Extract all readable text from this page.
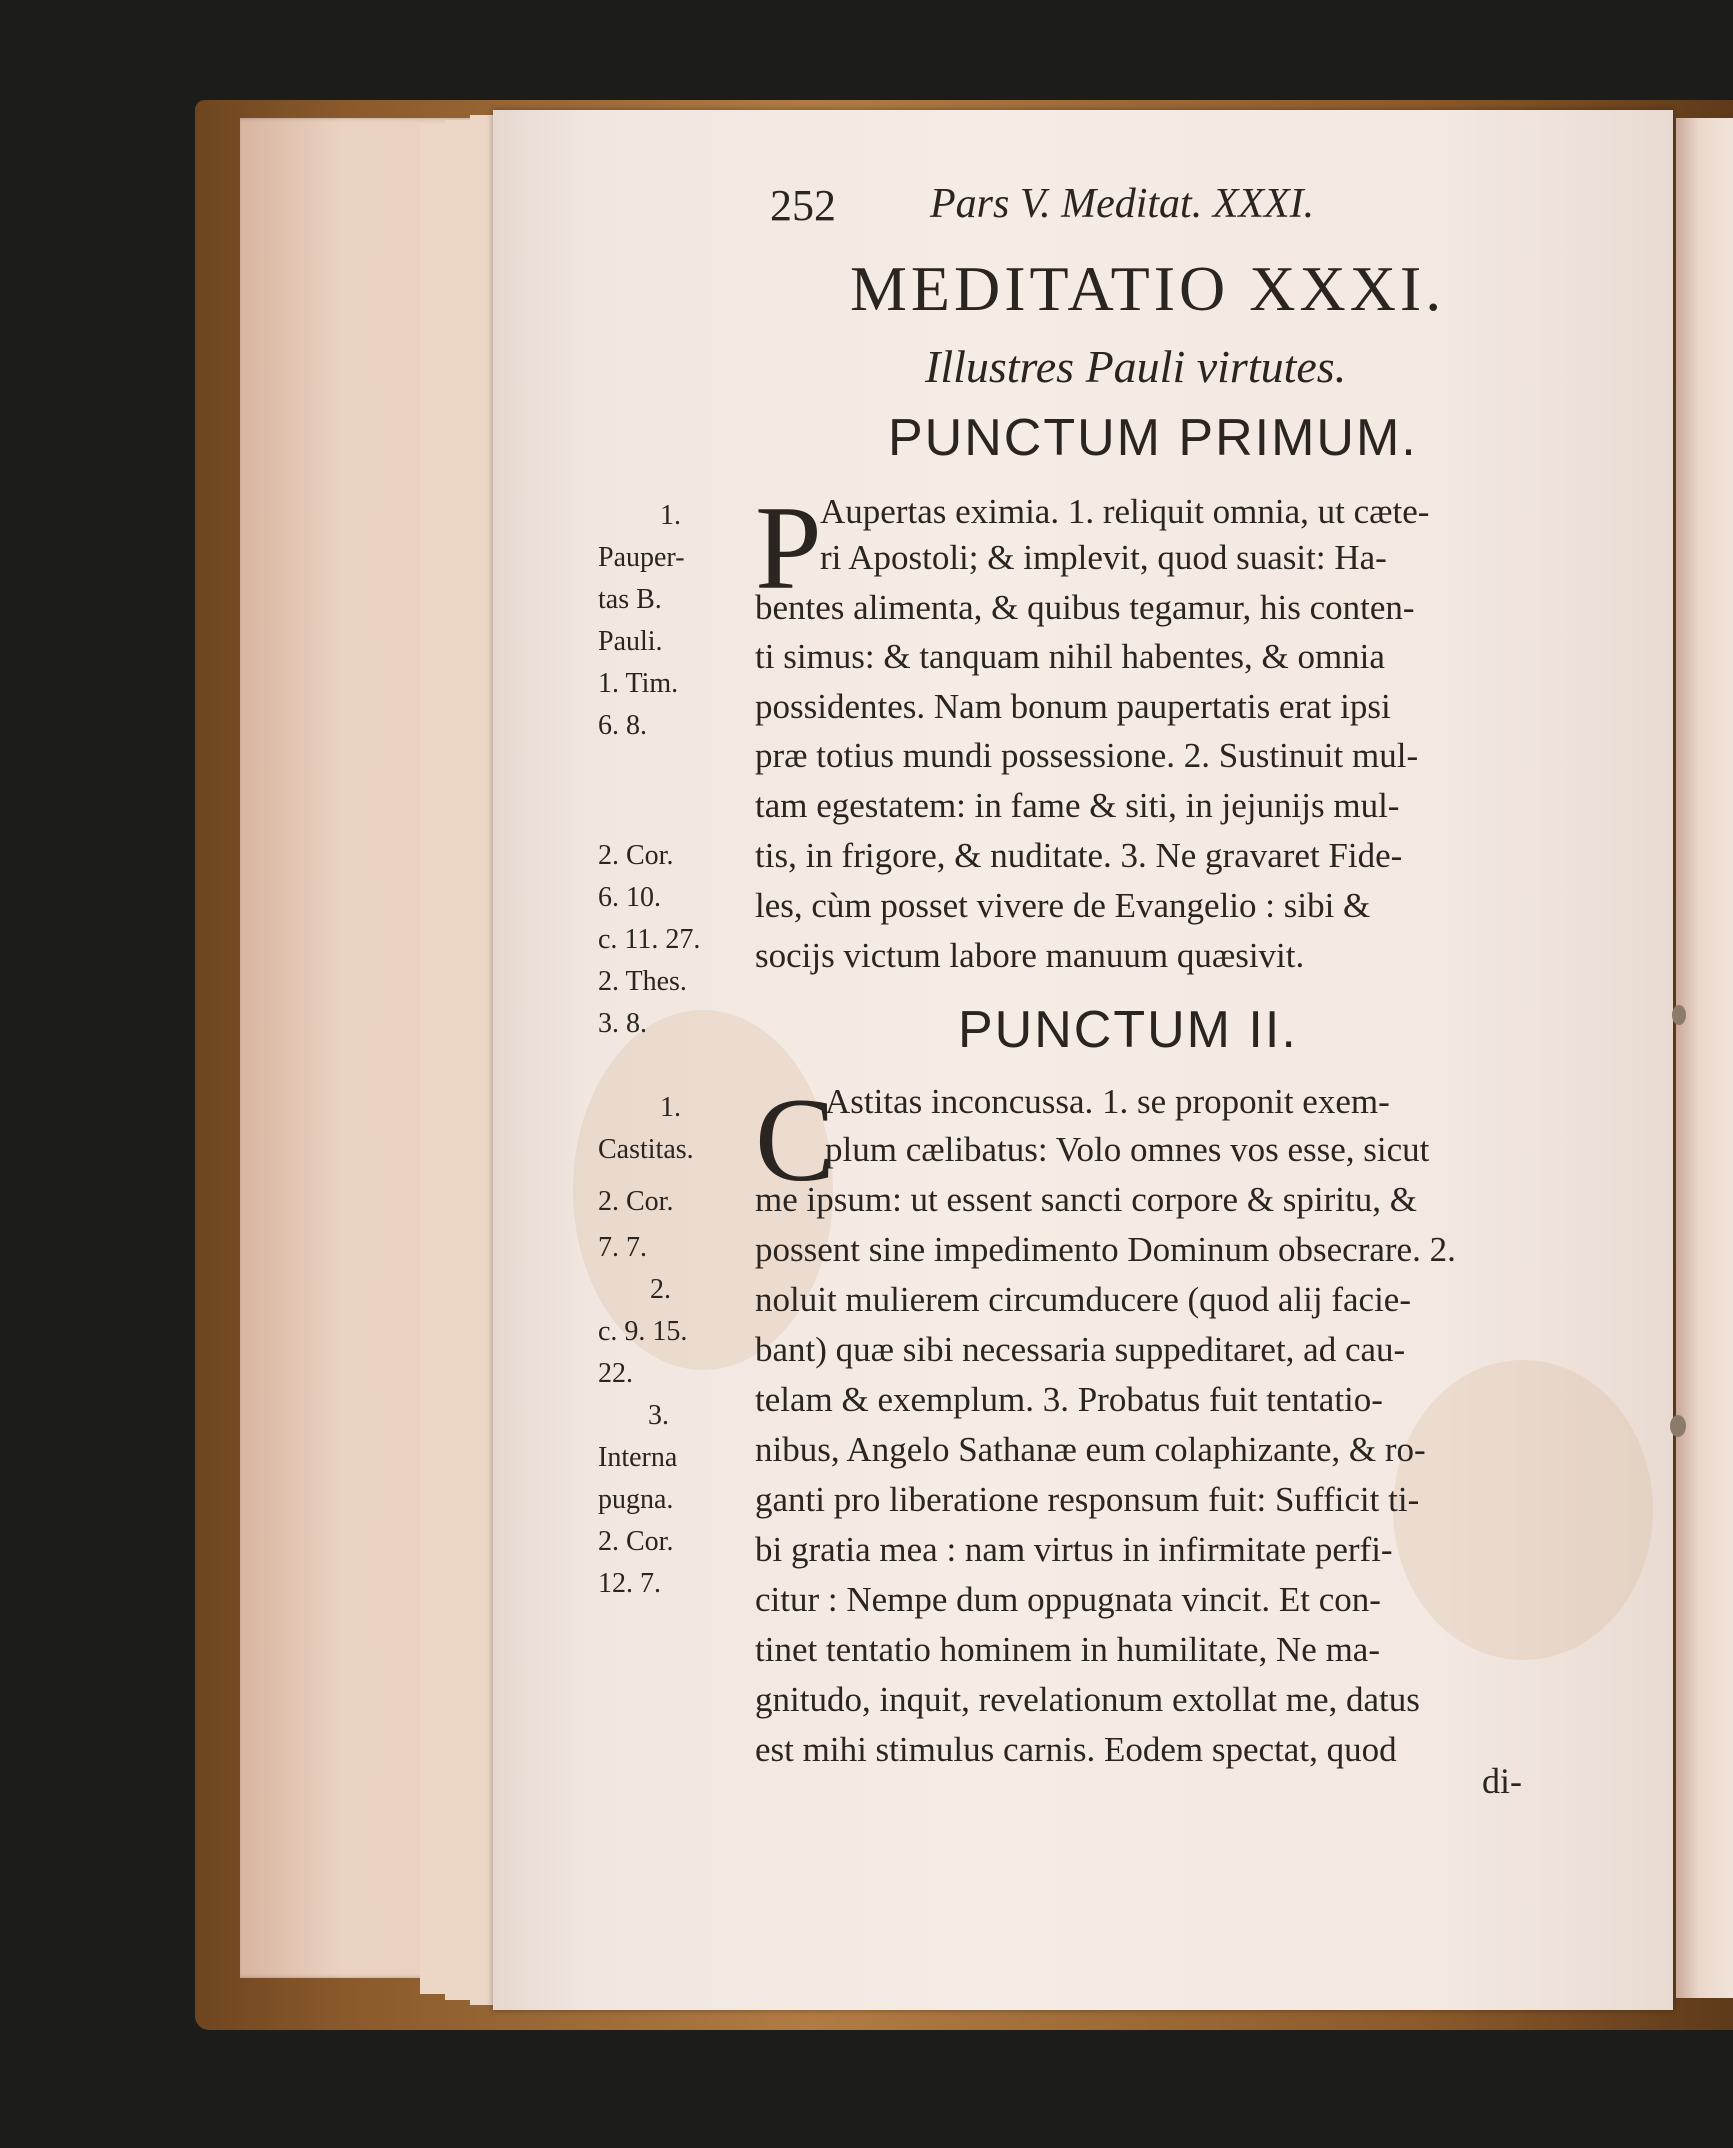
252 Pars V. Meditat. XXXI.
MEDITATIO XXXI.
Illustres Pauli virtutes.
PUNCTUM PRIMUM.
P
Aupertas eximia. 1. reliquit omnia, ut cæte-
ri Apostoli; & implevit, quod suasit: Ha-
bentes alimenta, & quibus tegamur, his conten-
ti simus: & tanquam nihil habentes, & omnia
possidentes. Nam bonum paupertatis erat ipsi
præ totius mundi possessione. 2. Sustinuit mul-
tam egestatem: in fame & siti, in jejunijs mul-
tis, in frigore, & nuditate. 3. Ne gravaret Fide-
les, cùm posset vivere de Evangelio : sibi &
socijs victum labore manuum quæsivit.
1.
Pauper-
tas B.
Pauli.
1. Tim.
6. 8.
2. Cor.
6. 10.
c. 11. 27.
2. Thes.
3. 8.	PUNCTUM II.
C
Astitas inconcussa. 1. se proponit exem-
plum cælibatus: Volo omnes vos esse, sicut
me ipsum: ut essent sancti corpore & spiritu, &
possent sine impedimento Dominum obsecrare. 2.
noluit mulierem circumducere (quod alij facie-
bant) quæ sibi necessaria suppeditaret, ad cau-
telam & exemplum. 3. Probatus fuit tentatio-
nibus, Angelo Sathanæ eum colaphizante, & ro-
ganti pro liberatione responsum fuit: Sufficit ti-
bi gratia mea : nam virtus in infirmitate perfi-
citur : Nempe dum oppugnata vincit. Et con-
tinet tentatio hominem in humilitate, Ne ma-
gnitudo, inquit, revelationum extollat me, datus
est mihi stimulus carnis. Eodem spectat, quod
1.
Castitas.
2. Cor.
7. 7.
2.
c. 9. 15.
22.
3.
Interna
pugna.
2. Cor.
12. 7.
di-
